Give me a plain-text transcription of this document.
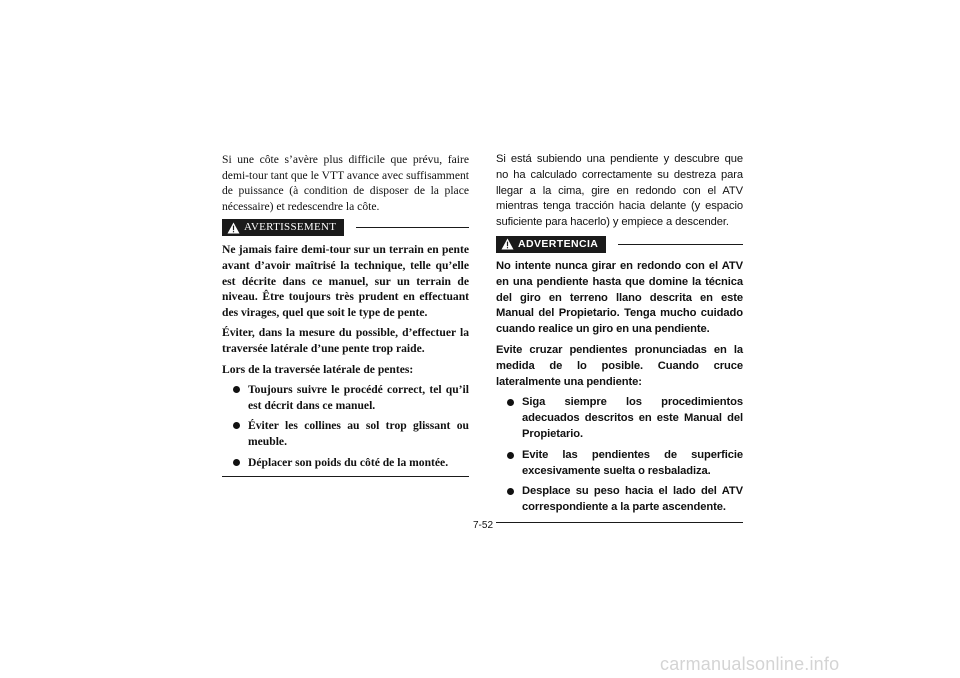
Si une côte s’avère plus difficile que prévu, faire demi-tour tant que le VTT avance avec suffisamment de puissance (à condition de disposer de la place nécessaire) et redescendre la côte.

AVERTISSEMENT

Ne jamais faire demi-tour sur un terrain en pente avant d’avoir maîtrisé la technique, telle qu’elle est décrite dans ce manuel, sur un terrain de niveau. Être toujours très prudent en effectuant des virages, quel que soit le type de pente.

Éviter, dans la mesure du possible, d’effectuer la traversée latérale d’une pente trop raide.

Lors de la traversée latérale de pentes:

Toujours suivre le procédé correct, tel qu’il est décrit dans ce manuel.
Éviter les collines au sol trop glissant ou meuble.
Déplacer son poids du côté de la montée.

Si está subiendo una pendiente y descubre que no ha calculado correctamente su destreza para llegar a la cima, gire en redondo con el ATV mientras tenga tracción hacia delante (y espacio suficiente para hacerlo) y empiece a descender.

ADVERTENCIA

No intente nunca girar en redondo con el ATV en una pendiente hasta que domine la técnica del giro en terreno llano descrita en este Manual del Propietario. Tenga mucho cuidado cuando realice un giro en una pendiente.

Evite cruzar pendientes pronunciadas en la medida de lo posible. Cuando cruce lateralmente una pendiente:

Siga siempre los procedimientos adecuados descritos en este Manual del Propietario.
Evite las pendientes de superficie excesivamente suelta o resbaladiza.
Desplace su peso hacia el lado del ATV correspondiente a la parte ascendente.
7-52
carmanualsonline.info
